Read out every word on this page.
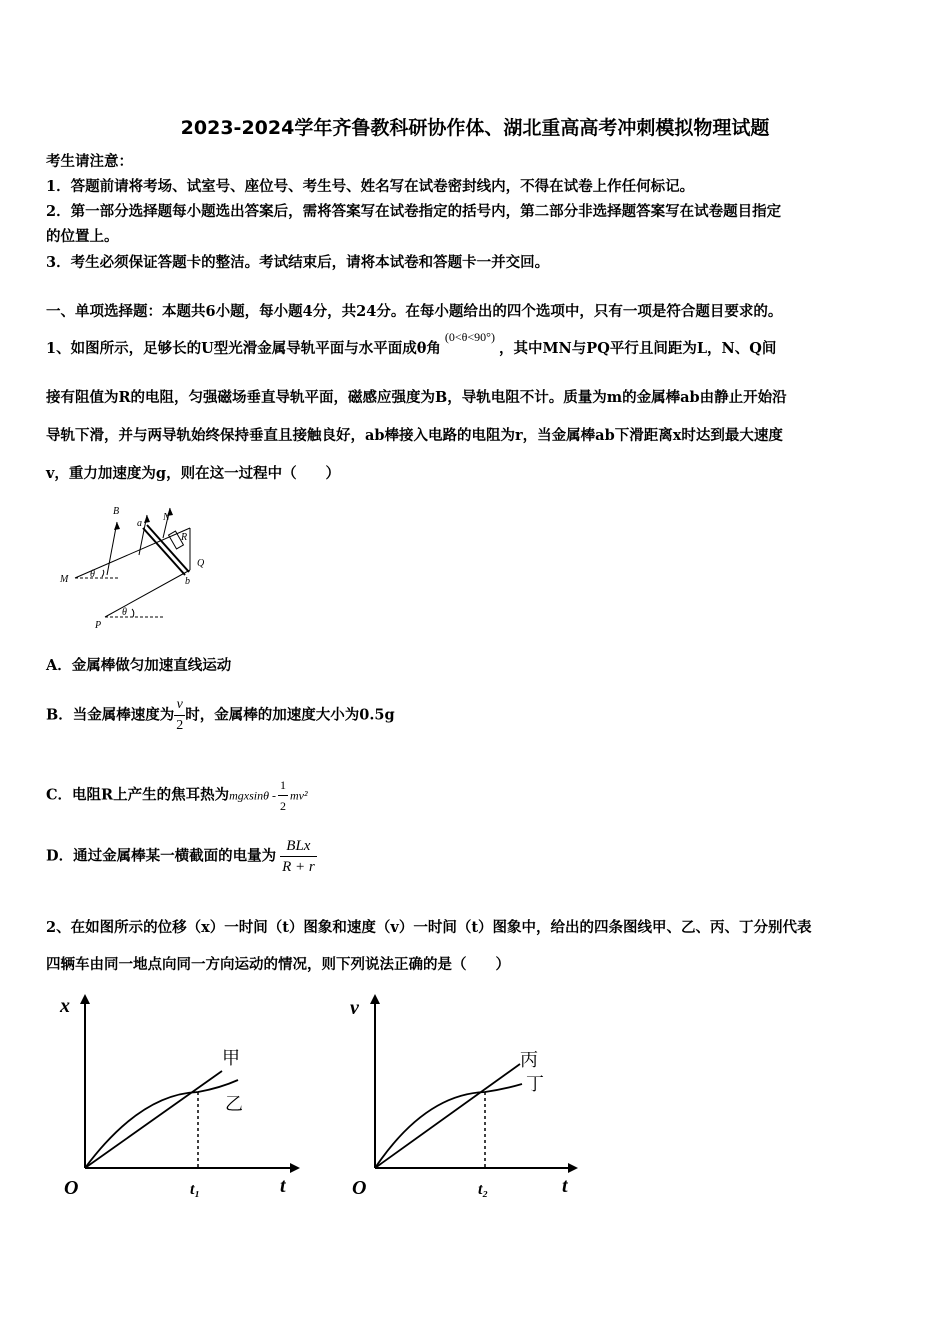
2023-2024学年齐鲁教科研协作体、湖北重高高考冲刺模拟物理试题
考生请注意：
1．答题前请将考场、试室号、座位号、考生号、姓名写在试卷密封线内，不得在试卷上作任何标记。
2．第一部分选择题每小题选出答案后，需将答案写在试卷指定的括号内，第二部分非选择题答案写在试卷题目指定
的位置上。
3．考生必须保证答题卡的整洁。考试结束后，请将本试卷和答题卡一并交回。
一、单项选择题：本题共6小题，每小题4分，共24分。在每小题给出的四个选项中，只有一项是符合题目要求的。
1、如图所示，足够长的U型光滑金属导轨平面与水平面成θ角$^{(0<\theta<90^\circ)}$，其中MN与PQ平行且间距为L，N、Q间
接有阻值为R的电阻，匀强磁场垂直导轨平面，磁感应强度为B，导轨电阻不计。质量为m的金属棒ab由静止开始沿
导轨下滑，并与两导轨始终保持垂直且接触良好，ab棒接入电路的电阻为r，当金属棒ab下滑距离x时达到最大速度
v，重力加速度为g，则在这一过程中（　　）
B
a
N
R
Q
b
M θ
P
θ
A．金属棒做匀加速直线运动
B．当金属棒速度为 $\frac{v}{2}$ 时，金属棒的加速度大小为0.5g
C．电阻R上产生的焦耳热为mgxsinθ - $\frac{1}{2} mv^2$
D．通过金属棒某一横截面的电量为 $\frac{\text{BLx}}{R + r}$
2、在如图所示的位移（x）一时间（t）图象和速度（v）一时间（t）图象中，给出的四条图线甲、乙、丙、丁分别代表
四辆车由同一地点向同一方向运动的情况，则下列说法正确的是（　　）
x
t
O	t₁
甲
乙
v
t
O	t₂
丙
丁
